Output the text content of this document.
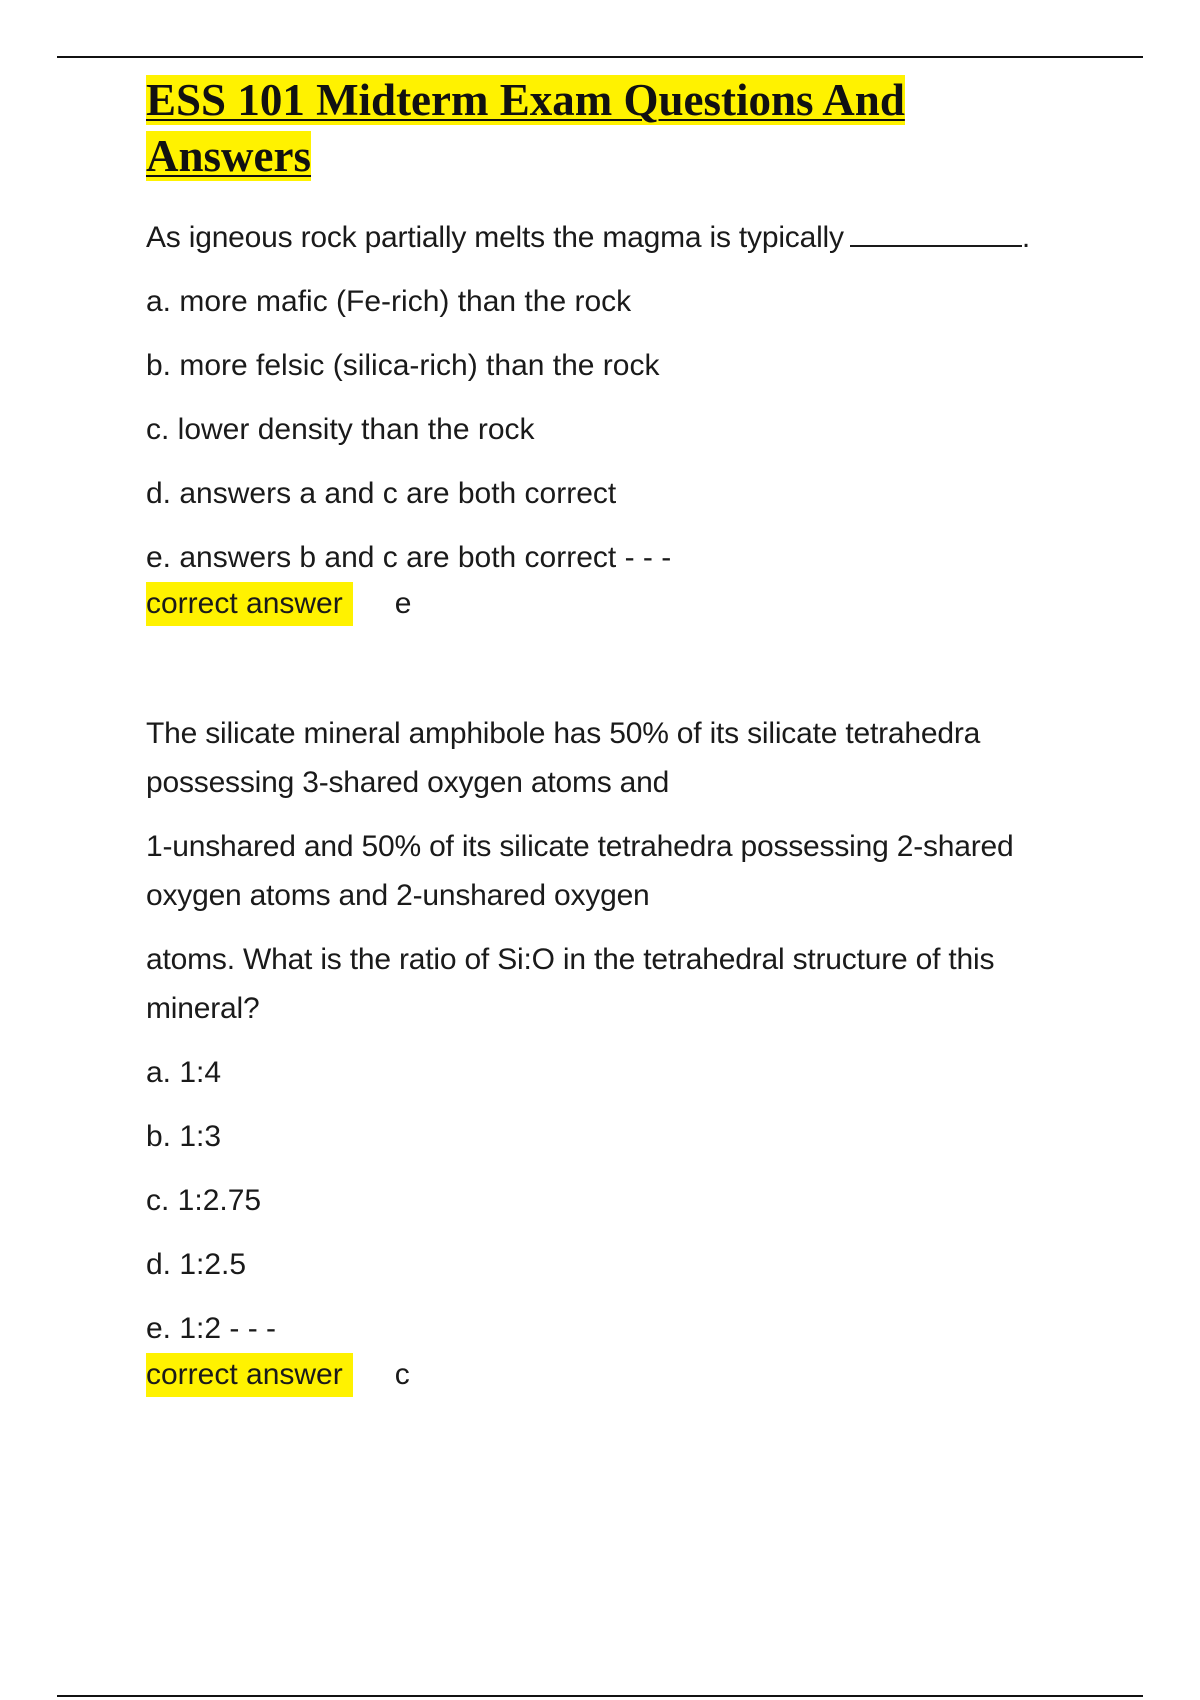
ESS 101 Midterm Exam Questions And
Answers

As igneous rock partially melts the magma is typically	.

a. more mafic (Fe-rich) than the rock

b. more felsic (silica-rich) than the rock

c. lower density than the rock

d. answers a and c are both correct

e. answers b and c are both correct - - -

correct answer	e

The silicate mineral amphibole has 50% of its silicate tetrahedra possessing 3-shared oxygen atoms and

1-unshared and 50% of its silicate tetrahedra possessing 2-shared oxygen atoms and 2-unshared oxygen

atoms. What is the ratio of Si:O in the tetrahedral structure of this mineral?

a. 1:4

b. 1:3

c. 1:2.75

d. 1:2.5

e. 1:2 - - -

correct answer	c
